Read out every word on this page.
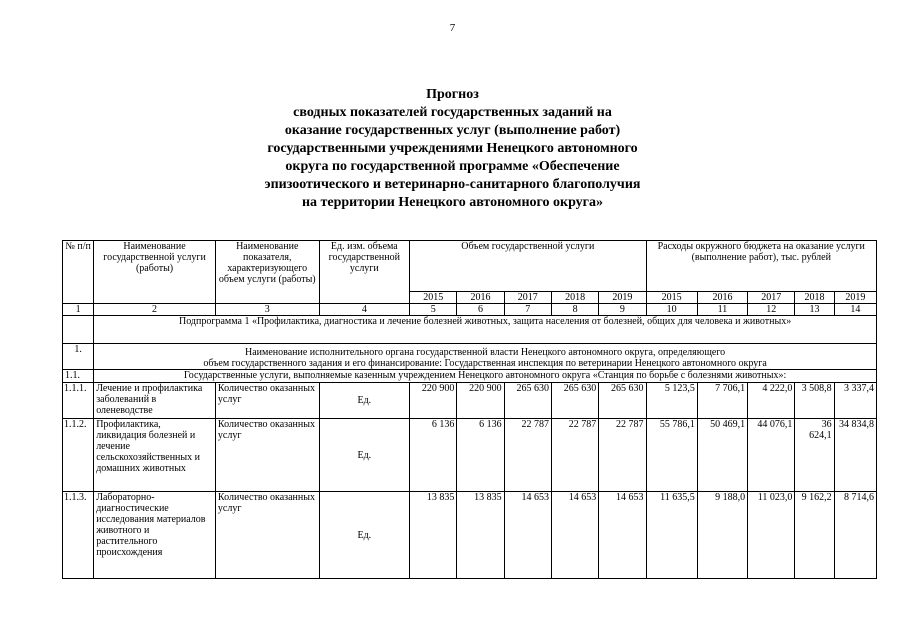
7
Прогноз
сводных показателей государственных заданий на
оказание государственных услуг (выполнение работ)
государственными учреждениями Ненецкого автономного
округа по государственной программе «Обеспечение
эпизоотического и ветеринарно-санитарного благополучия
на территории Ненецкого автономного округа»
№ п/п	Наименование государственной услуги (работы)	Наименование показателя, характеризующего объем услуги (работы)	Ед. изм. объема государственной услуги	Объем государственной услуги					Расходы окружного бюджета на оказание услуги (выполнение работ), тыс. рублей				
				2015	2016	2017	2018	2019	2015	2016	2017	2018	2019
1	2	3	4	5	6	7	8	9	10	11	12	13	14
	Подпрограмма 1 «Профилактика, диагностика и лечение болезней животных, защита населения от болезней, общих для человека и животных»												
1.	Наименование исполнительного органа государственной власти Ненецкого автономного округа, определяющего
объем государственного задания и его финансирование: Государственная инспекция по ветеринарии Ненецкого автономного округа												

1.1.	Государственные услуги, выполняемые казенным учреждением Ненецкого автономного округа «Станция по борьбе с болезнями животных»:												
1.1.1.	Лечение и профилактика заболеваний в оленеводстве	Количество оказанных услуг	Ед.	220 900	220 900	265 630	265 630	265 630	5 123,5	7 706,1	4 222,0	3 508,8	3 337,4
1.1.2.	Профилактика, ликвидация болезней и лечение сельскохозяйственных и домашних животных	Количество оказанных услуг	Ед.	6 136	6 136	22 787	22 787	22 787	55 786,1	50 469,1	44 076,1	36 624,1	34 834,8
1.1.3.	Лабораторно-диагностические исследования материалов животного и растительного происхождения	Количество оказанных услуг	Ед.	13 835	13 835	14 653	14 653	14 653	11 635,5	9 188,0	11 023,0	9 162,2	8 714,6
